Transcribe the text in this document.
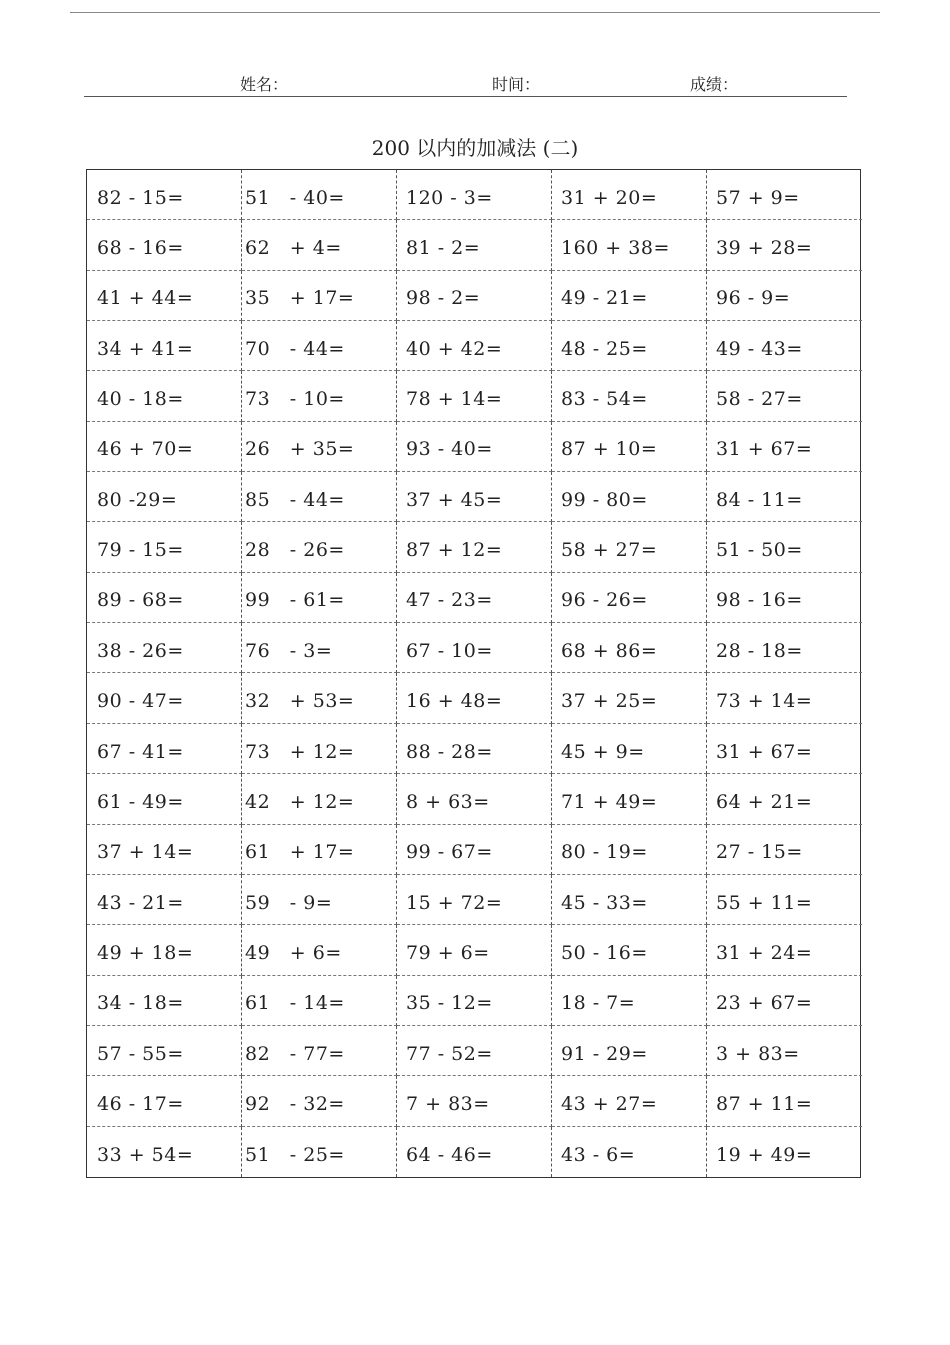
姓名：	时间：	成绩：
200 以内的加减法 (二)
82 - 15=	51   - 40=	120 - 3=	31 + 20=	57 + 9=
68 - 16=	62   + 4=	81 - 2=	160 + 38=	39 + 28=
41 + 44=	35   + 17=	98 - 2=	49 - 21=	96 - 9=
34 + 41=	70   - 44=	40 + 42=	48 - 25=	49 - 43=
40 - 18=	73   - 10=	78 + 14=	83 - 54=	58 - 27=
46 + 70=	26   + 35=	93 - 40=	87 + 10=	31 + 67=
80 -29=	85   - 44=	37 + 45=	99 - 80=	84 - 11=
79 - 15=	28   - 26=	87 + 12=	58 + 27=	51 - 50=
89 - 68=	99   - 61=	47 - 23=	96 - 26=	98 - 16=
38 - 26=	76   - 3=	67 - 10=	68 + 86=	28 - 18=
90 - 47=	32   + 53=	16 + 48=	37 + 25=	73 + 14=
67 - 41=	73   + 12=	88 - 28=	45 + 9=	31 + 67=
61 - 49=	42   + 12=	8 + 63=	71 + 49=	64 + 21=
37 + 14=	61   + 17=	99 - 67=	80 - 19=	27 - 15=
43 - 21=	59   - 9=	15 + 72=	45 - 33=	55 + 11=
49 + 18=	49   + 6=	79 + 6=	50 - 16=	31 + 24=
34 - 18=	61   - 14=	35 - 12=	18 - 7=	23 + 67=
57 - 55=	82   - 77=	77 - 52=	91 - 29=	3 + 83=
46 - 17=	92   - 32=	7 + 83=	43 + 27=	87 + 11=
33 + 54=	51   - 25=	64 - 46=	43 - 6=	19 + 49=
